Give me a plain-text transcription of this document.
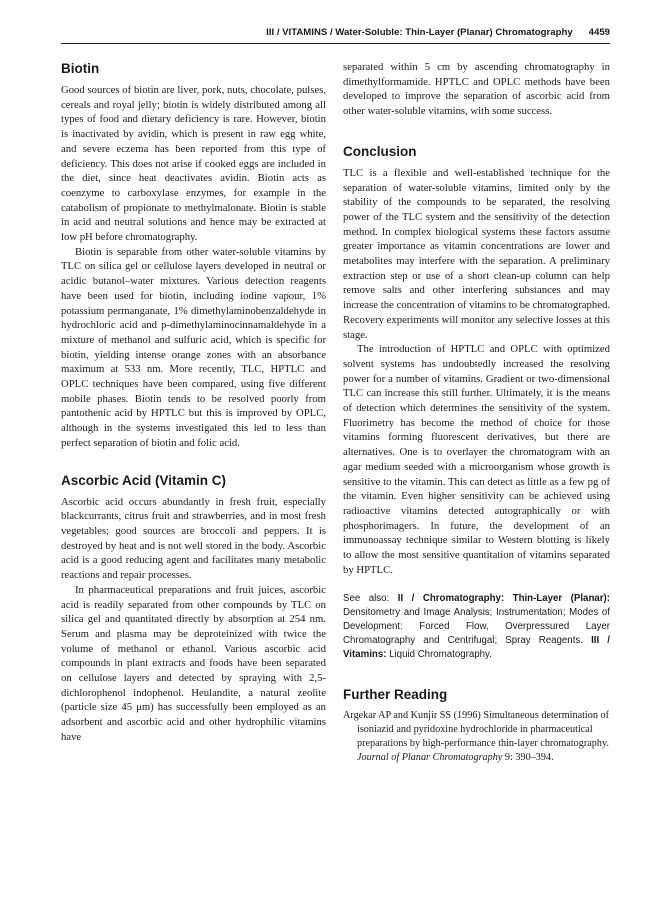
III / VITAMINS / Water-Soluble: Thin-Layer (Planar) Chromatography 4459
Biotin

Good sources of biotin are liver, pork, nuts, chocolate, pulses, cereals and royal jelly; biotin is widely distributed among all types of food and dietary deficiency is rare. However, biotin is inactivated by avidin, which is present in raw egg white, and severe eczema has been reported from this type of deficiency. This does not arise if cooked eggs are included in the diet, since heat deactivates avidin. Biotin acts as coenzyme to carboxylase enzymes, for example in the catabolism of propionate to methylmalonate. Biotin is stable in acid and neutral solutions and hence may be extracted at low pH before chromatography.

Biotin is separable from other water-soluble vitamins by TLC on silica gel or cellulose layers developed in neutral or acidic butanol–water mixtures. Various detection reagents have been used for biotin, including iodine vapour, 1% potassium permanganate, 1% dimethylaminobenzaldehyde in hydrochloric acid and p-dimethylaminocinnamaldehyde in a mixture of methanol and sulfuric acid, which is specific for biotin, yielding intense orange zones with an absorbance maximum at 533 nm. More recently, TLC, HPTLC and OPLC techniques have been compared, using five different mobile phases. Biotin tends to be resolved poorly from pantothenic acid by HPTLC but this is improved by OPLC, although in the systems investigated this led to less than perfect separation of biotin and folic acid.

Ascorbic Acid (Vitamin C)

Ascorbic acid occurs abundantly in fresh fruit, especially blackcurrants, citrus fruit and strawberries, and in most fresh vegetables; good sources are broccoli and peppers. It is destroyed by heat and is not well stored in the body. Ascorbic acid is a good reducing agent and facilitates many metabolic reactions and repair processes.

In pharmaceutical preparations and fruit juices, ascorbic acid is readily separated from other compounds by TLC on silica gel and quantitated directly by absorption at 254 nm. Serum and plasma may be deproteinized with twice the volume of methanol or ethanol. Various ascorbic acid compounds in plant extracts and foods have been separated on cellulose layers and detected by spraying with 2,5-dichlorophenol indophenol. Heulandite, a natural zeolite (particle size 45 μm) has successfully been employed as an adsorbent and ascorbic acid and other hydrophilic vitamins have

separated within 5 cm by ascending chromatography in dimethylformamide. HPTLC and OPLC methods have been developed to improve the separation of ascorbic acid from other water-soluble vitamins, with some success.

Conclusion

TLC is a flexible and well-established technique for the separation of water-soluble vitamins, limited only by the stability of the compounds to be separated, the resolving power of the TLC system and the sensitivity of the detection method. In complex biological systems these factors assume greater importance as vitamin concentrations are lower and metabolites may interfere with the separation. A preliminary extraction step or use of a short clean-up column can help remove salts and other interfering substances and may increase the concentration of vitamins to be chromatographed. Recovery experiments will monitor any selective losses at this stage.

The introduction of HPTLC and OPLC with optimized solvent systems has undoubtedly increased the resolving power for a number of vitamins. Gradient or two-dimensional TLC can increase this still further. Ultimately, it is the means of detection which determines the sensitivity of the system. Fluorimetry has become the method of choice for those vitamins forming fluorescent derivatives, but there are alternatives. One is to overlayer the chromatogram with an agar medium seeded with a microorganism whose growth is sensitive to the vitamin. This can detect as little as a few pg of the vitamin. Even higher sensitivity can be achieved using radioactive vitamins detected autographically or with phosphorimagers. In future, the development of an immunoassay technique similar to Western blotting is likely to allow the most sensitive quantitation of vitamins separated by HPTLC.

See also: II / Chromatography: Thin-Layer (Planar): Densitometry and Image Analysis; Instrumentation; Modes of Development: Forced Flow, Overpressured Layer Chromatography and Centrifugal; Spray Reagents. III / Vitamins: Liquid Chromatography.

Further Reading

Argekar AP and Kunjir SS (1996) Simultaneous determination of isoniazid and pyridoxine hydrochloride in pharmaceutical preparations by high-performance thin-layer chromatography. Journal of Planar Chromatography 9: 390–394.
